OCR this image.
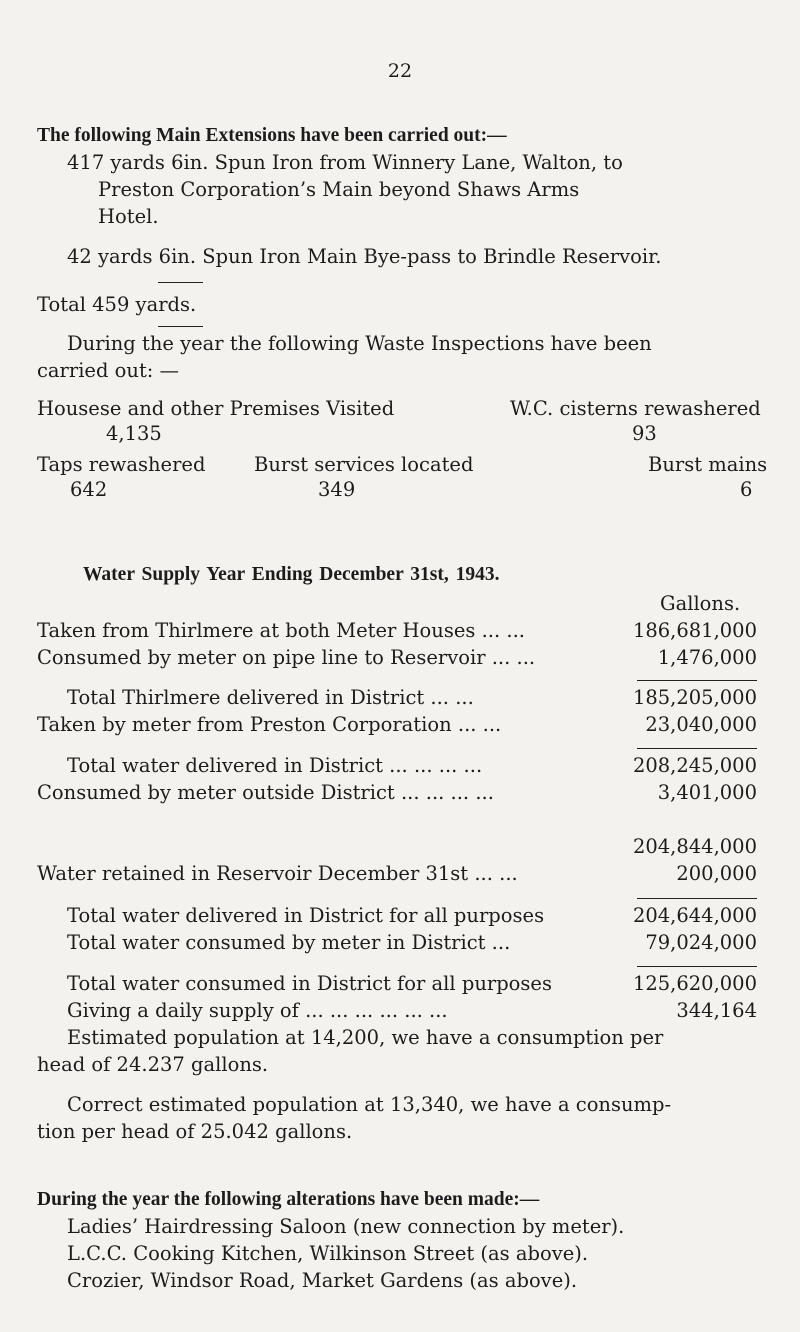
22
The following Main Extensions have been carried out:—
417 yards 6in. Spun Iron from Winnery Lane, Walton, to
Preston Corporation’s Main beyond Shaws Arms
Hotel.
42 yards 6in. Spun Iron Main Bye-pass to Brindle Reservoir.
Total 459 yards.
During the year the following Waste Inspections have been
carried out: —
Housese and other Premises Visited
4,135
W.C. cisterns rewashered
93
Taps rewashered
642
Burst services located
349
Burst mains
6
Water Supply Year Ending December 31st, 1943.
Gallons.
Taken from Thirlmere at both Meter Houses ... ...	186,681,000
Consumed by meter on pipe line to Reservoir ... ...	1,476,000
Total Thirlmere delivered in District ... ...	185,205,000
Taken by meter from Preston Corporation ... ...	23,040,000
Total water delivered in District ... ... ... ...	208,245,000
Consumed by meter outside District ... ... ... ...	3,401,000
204,844,000
Water retained in Reservoir December 31st ... ...	200,000
Total water delivered in District for all purposes	204,644,000
Total water consumed by meter in District ...	79,024,000
Total water consumed in District for all purposes	125,620,000
Giving a daily supply of ... ... ... ... ... ...	344,164
Estimated population at 14,200, we have a consumption per
head of 24.237 gallons.
Correct estimated population at 13,340, we have a consump-
tion per head of 25.042 gallons.
During the year the following alterations have been made:—
Ladies’ Hairdressing Saloon (new connection by meter).
L.C.C. Cooking Kitchen, Wilkinson Street (as above).
Crozier, Windsor Road, Market Gardens (as above).
